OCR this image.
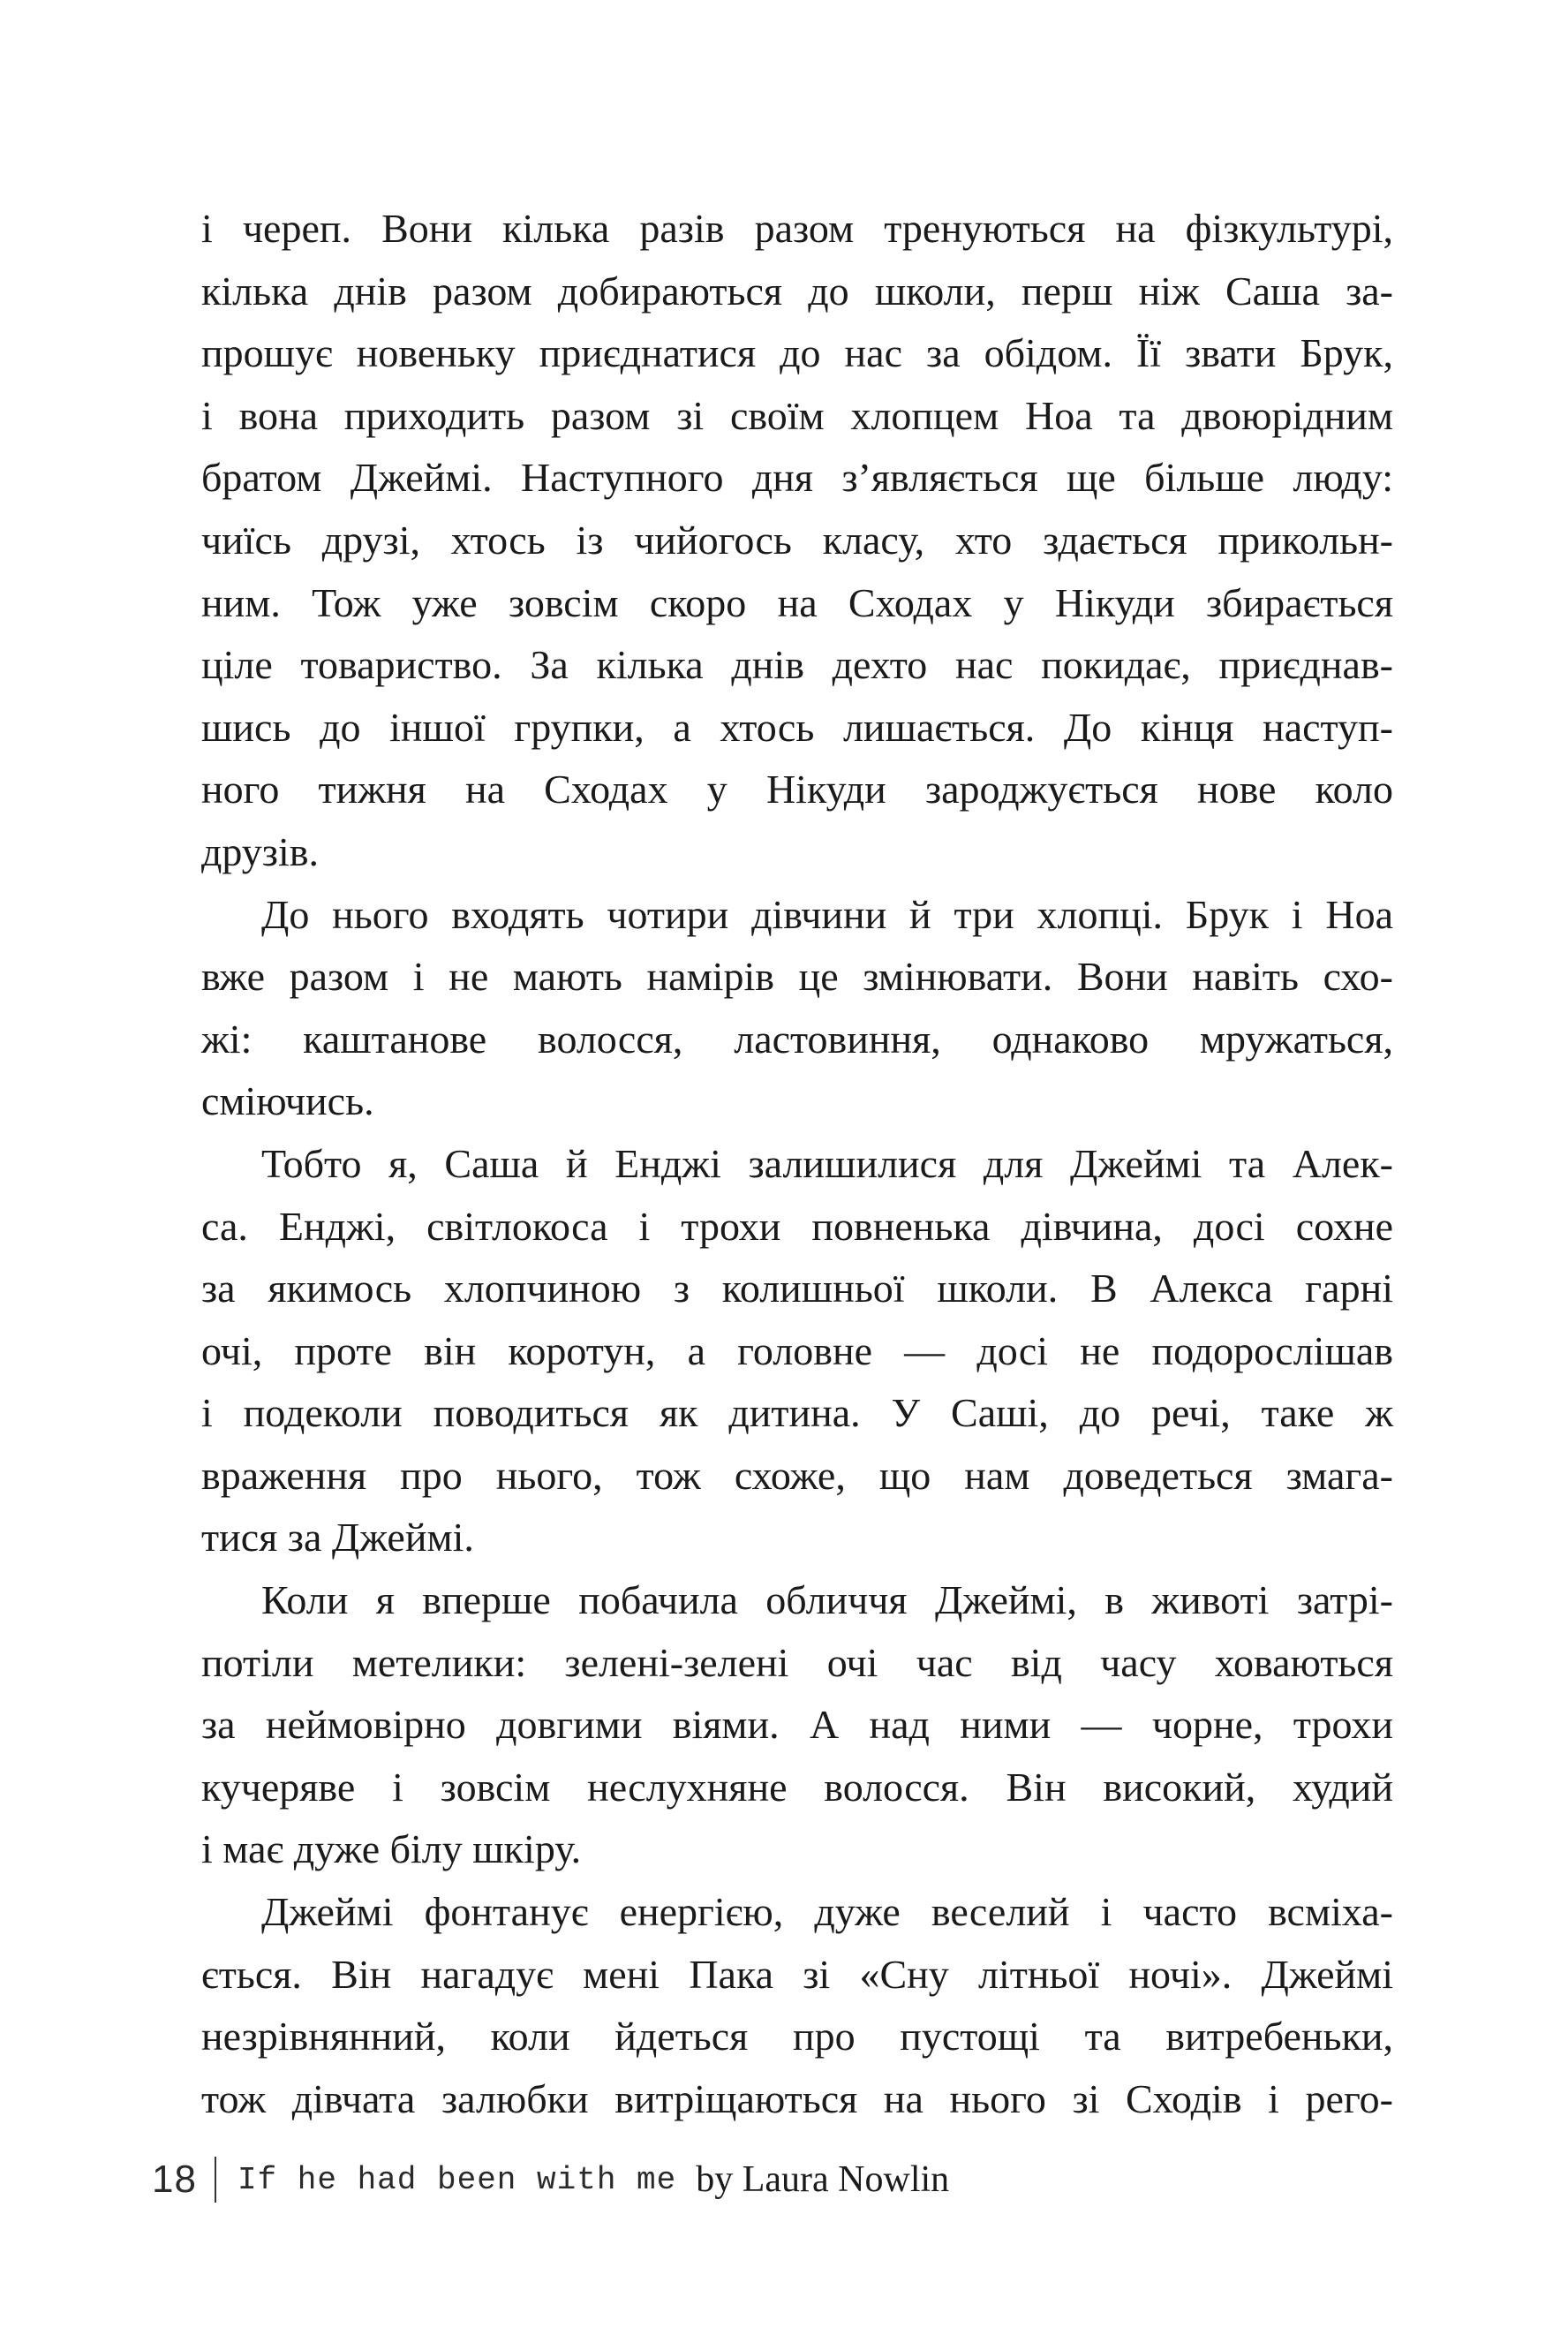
і череп. Вони кілька разів разом тренуються на фізкультурі,
кілька днів разом добираються до школи, перш ніж Саша за-
прошує новеньку приєднатися до нас за обідом. Її звати Брук,
і вона приходить разом зі своїм хлопцем Ноа та двоюрідним
братом Джеймі. Наступного дня з’являється ще більше люду:
чиїсь друзі, хтось із чийогось класу, хто здається прикольн-
ним. Тож уже зовсім скоро на Сходах у Нікуди збирається
ціле товариство. За кілька днів дехто нас покидає, приєднав-
шись до іншої групки, а хтось лишається. До кінця наступ-
ного тижня на Сходах у Нікуди зароджується нове коло
друзів.
До нього входять чотири дівчини й три хлопці. Брук і Ноа
вже разом і не мають намірів це змінювати. Вони навіть схо-
жі: каштанове волосся, ластовиння, однаково мружаться,
сміючись.
Тобто я, Саша й Енджі залишилися для Джеймі та Алек-
са. Енджі, світлокоса і трохи повненька дівчина, досі сохне
за якимось хлопчиною з колишньої школи. В Алекса гарні
очі, проте він коротун, а головне — досі не подорослішав
і подеколи поводиться як дитина. У Саші, до речі, таке ж
враження про нього, тож схоже, що нам доведеться змага-
тися за Джеймі.
Коли я вперше побачила обличчя Джеймі, в животі затрі-
потіли метелики: зелені-зелені очі час від часу ховаються
за неймовірно довгими віями. А над ними — чорне, трохи
кучеряве і зовсім неслухняне волосся. Він високий, худий
і має дуже білу шкіру.
Джеймі фонтанує енергією, дуже веселий і часто всміха-
ється. Він нагадує мені Пака зі «Сну літньої ночі». Джеймі
незрівнянний, коли йдеться про пустощі та витребеньки,
тож дівчата залюбки витріщаються на нього зі Сходів і рего-
18 If he had been with me by Laura Nowlin
